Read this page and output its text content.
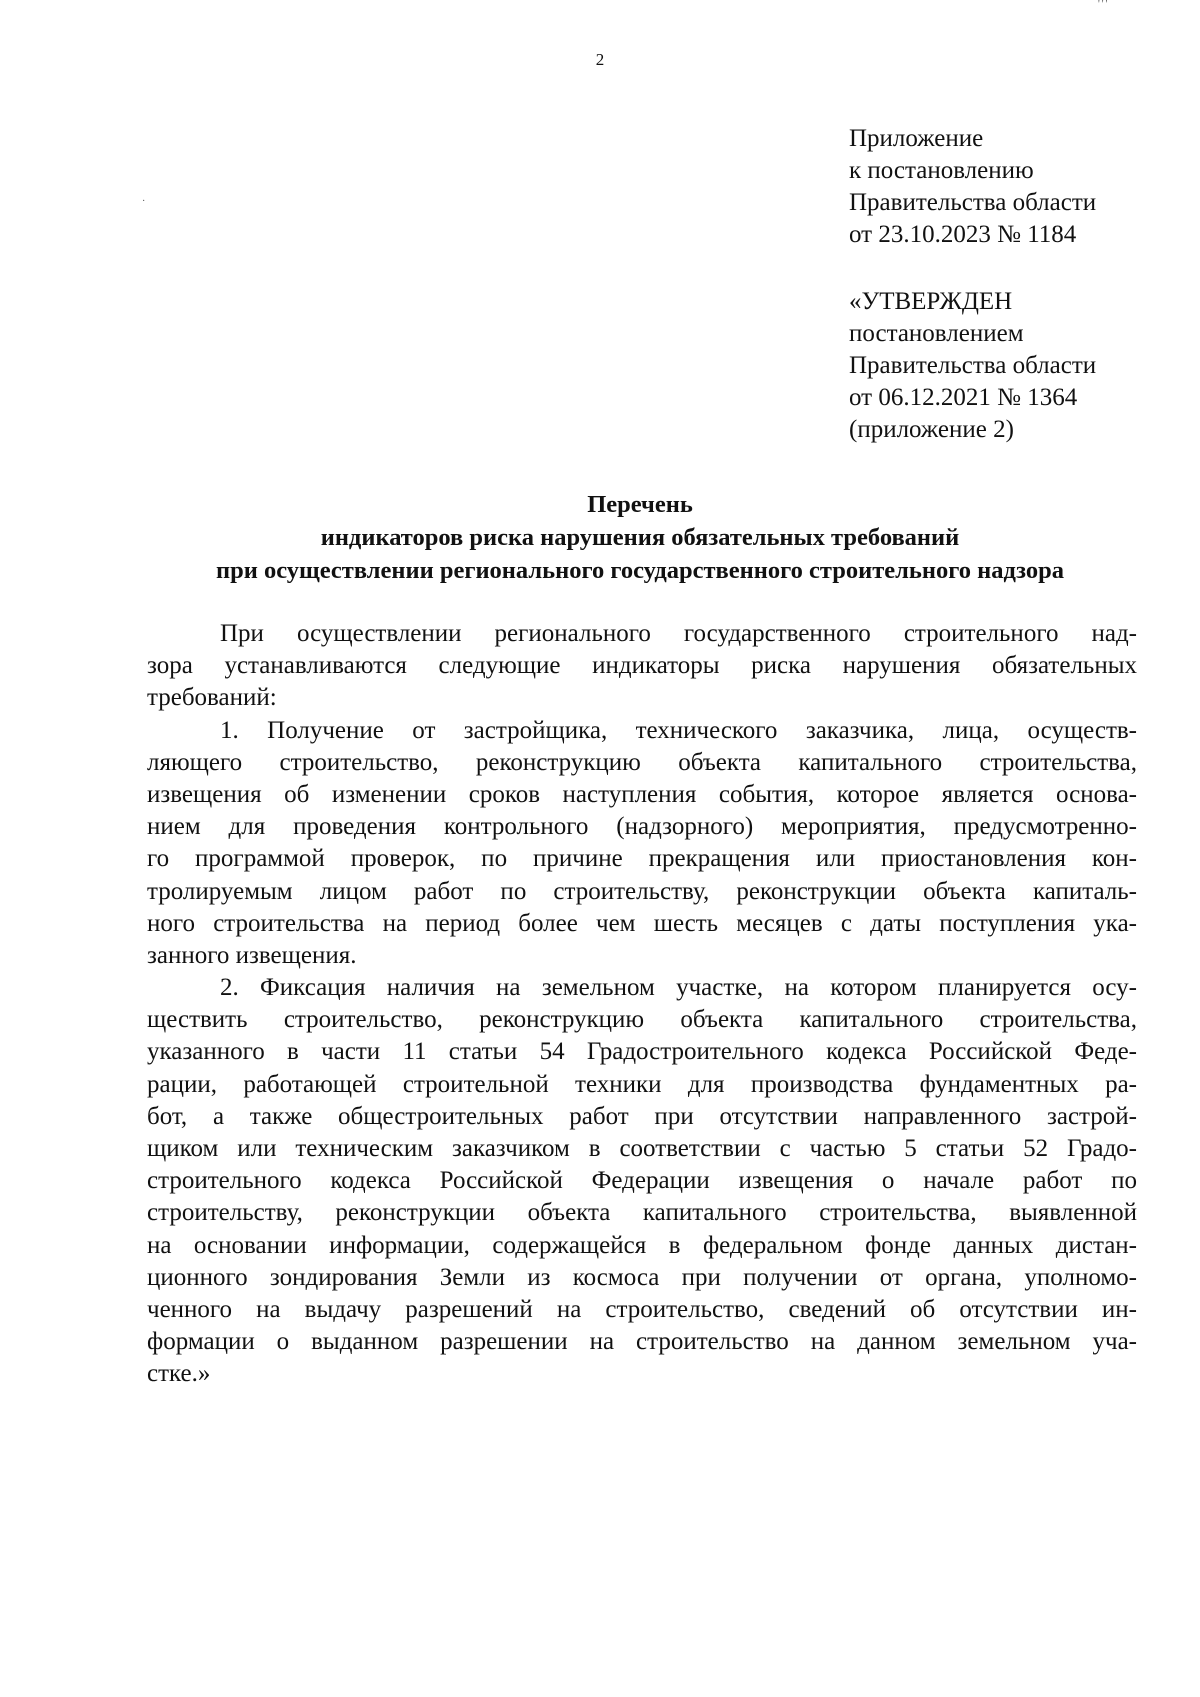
2
Приложение
к постановлению
Правительства области
от 23.10.2023 № 1184
«УТВЕРЖДЕН
постановлением
Правительства области
от 06.12.2021 № 1364
(приложение 2)
Перечень
индикаторов риска нарушения обязательных требований
при осуществлении регионального государственного строительного надзора
При осуществлении регионального государственного строительного над-
зора устанавливаются следующие индикаторы риска нарушения обязательных
требований:
1. Получение от застройщика, технического заказчика, лица, осуществ-
ляющего строительство, реконструкцию объекта капитального строительства,
извещения об изменении сроков наступления события, которое является основа-
нием для проведения контрольного (надзорного) мероприятия, предусмотренно-
го программой проверок, по причине прекращения или приостановления кон-
тролируемым лицом работ по строительству, реконструкции объекта капиталь-
ного строительства на период более чем шесть месяцев с даты поступления ука-
занного извещения.
2. Фиксация наличия на земельном участке, на котором планируется осу-
ществить строительство, реконструкцию объекта капитального строительства,
указанного в части 11 статьи 54 Градостроительного кодекса Российской Феде-
рации, работающей строительной техники для производства фундаментных ра-
бот, а также общестроительных работ при отсутствии направленного застрой-
щиком или техническим заказчиком в соответствии с частью 5 статьи 52 Градо-
строительного кодекса Российской Федерации извещения о начале работ по
строительству, реконструкции объекта капитального строительства, выявленной
на основании информации, содержащейся в федеральном фонде данных дистан-
ционного зондирования Земли из космоса при получении от органа, уполномо-
ченного на выдачу разрешений на строительство, сведений об отсутствии ин-
формации о выданном разрешении на строительство на данном земельном уча-
стке.»
·
'''
